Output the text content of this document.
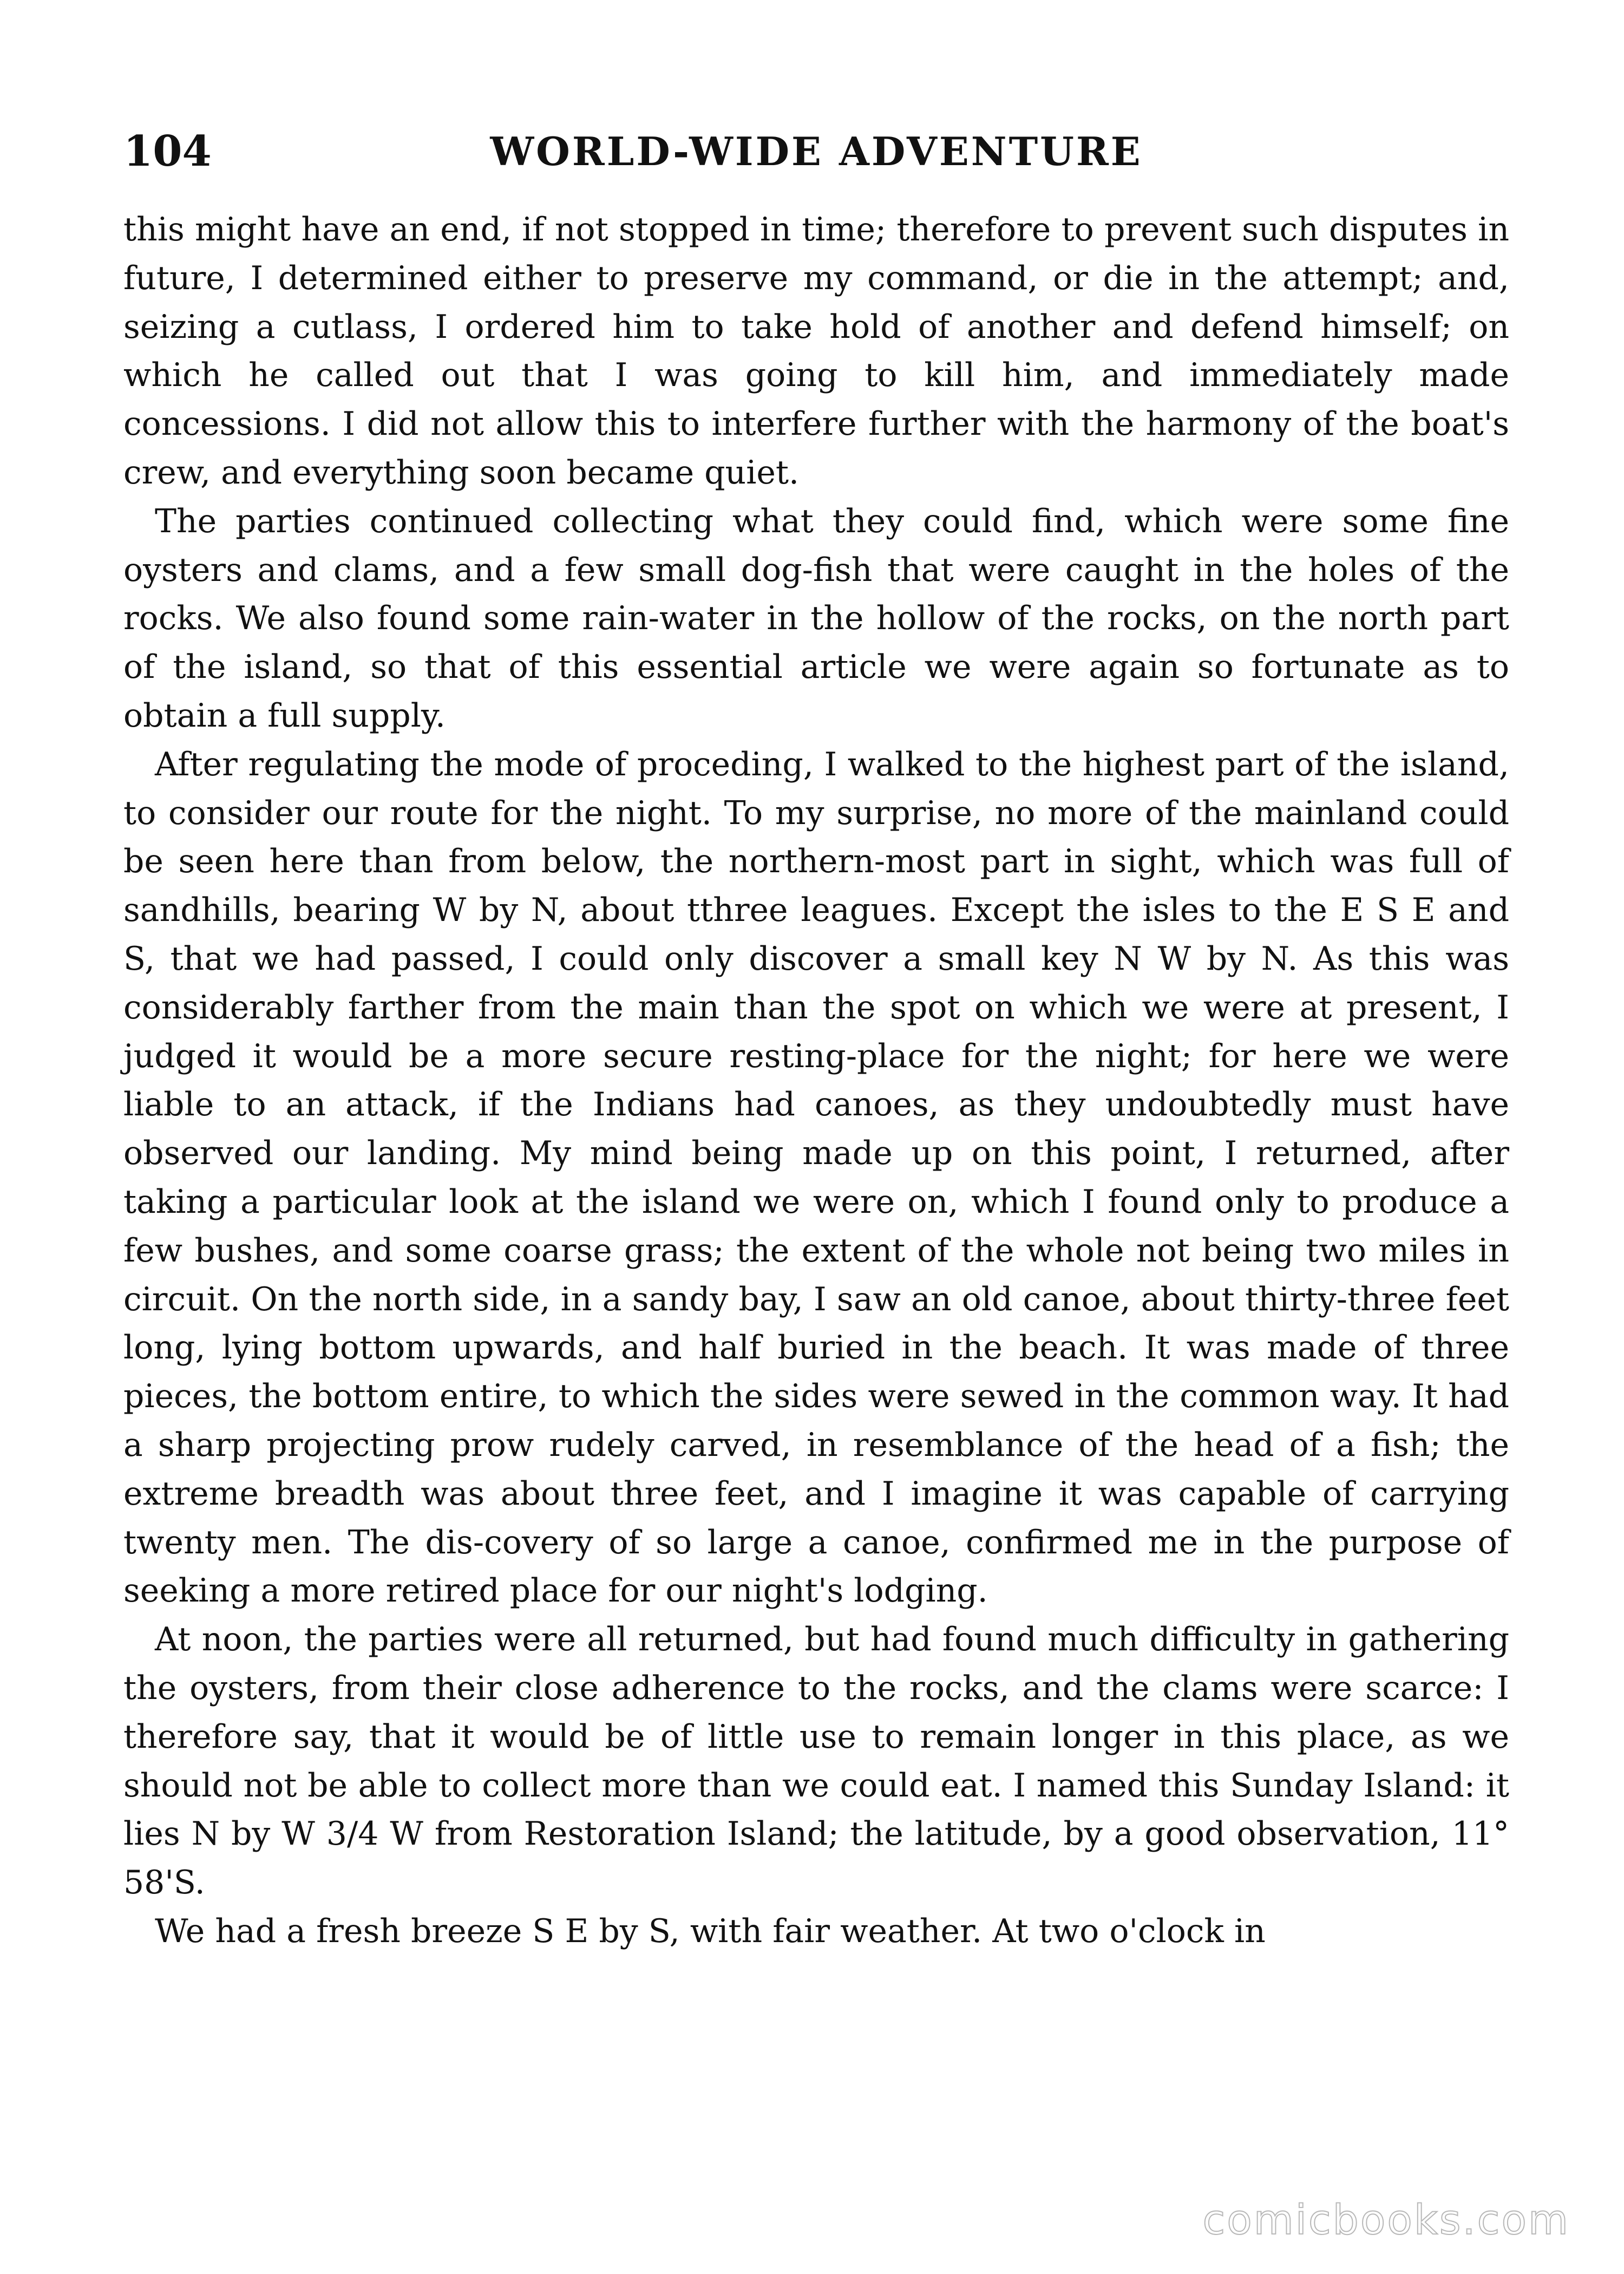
104	WORLD-WIDE ADVENTURE

this might have an end, if not stopped in time; therefore to prevent such disputes in future, I determined either to preserve my command, or die in the attempt; and, seizing a cutlass, I ordered him to take hold of another and defend himself; on which he called out that I was going to kill him, and immediately made concessions. I did not allow this to interfere further with the harmony of the boat's crew, and everything soon became quiet.

The parties continued collecting what they could find, which were some fine oysters and clams, and a few small dog-fish that were caught in the holes of the rocks. We also found some rain-water in the hollow of the rocks, on the north part of the island, so that of this essential article we were again so fortunate as to obtain a full supply.

After regulating the mode of proceding, I walked to the highest part of the island, to consider our route for the night. To my surprise, no more of the mainland could be seen here than from below, the northern-most part in sight, which was full of sandhills, bearing W by N, about tthree leagues. Except the isles to the E S E and S, that we had passed, I could only discover a small key N W by N. As this was considerably farther from the main than the spot on which we were at present, I judged it would be a more secure resting-place for the night; for here we were liable to an attack, if the Indians had canoes, as they undoubtedly must have observed our landing. My mind being made up on this point, I returned, after taking a particular look at the island we were on, which I found only to produce a few bushes, and some coarse grass; the extent of the whole not being two miles in circuit. On the north side, in a sandy bay, I saw an old canoe, about thirty-three feet long, lying bottom upwards, and half buried in the beach. It was made of three pieces, the bottom entire, to which the sides were sewed in the common way. It had a sharp projecting prow rudely carved, in resemblance of the head of a fish; the extreme breadth was about three feet, and I imagine it was capable of carrying twenty men. The dis-covery of so large a canoe, confirmed me in the purpose of seeking a more retired place for our night's lodging.

At noon, the parties were all returned, but had found much difficulty in gathering the oysters, from their close adherence to the rocks, and the clams were scarce: I therefore say, that it would be of little use to remain longer in this place, as we should not be able to collect more than we could eat. I named this Sunday Island: it lies N by W 3/4 W from Restoration Island; the latitude, by a good observation, 11° 58'S.

We had a fresh breeze S E by S, with fair weather. At two o'clock in

comicbooks.com
